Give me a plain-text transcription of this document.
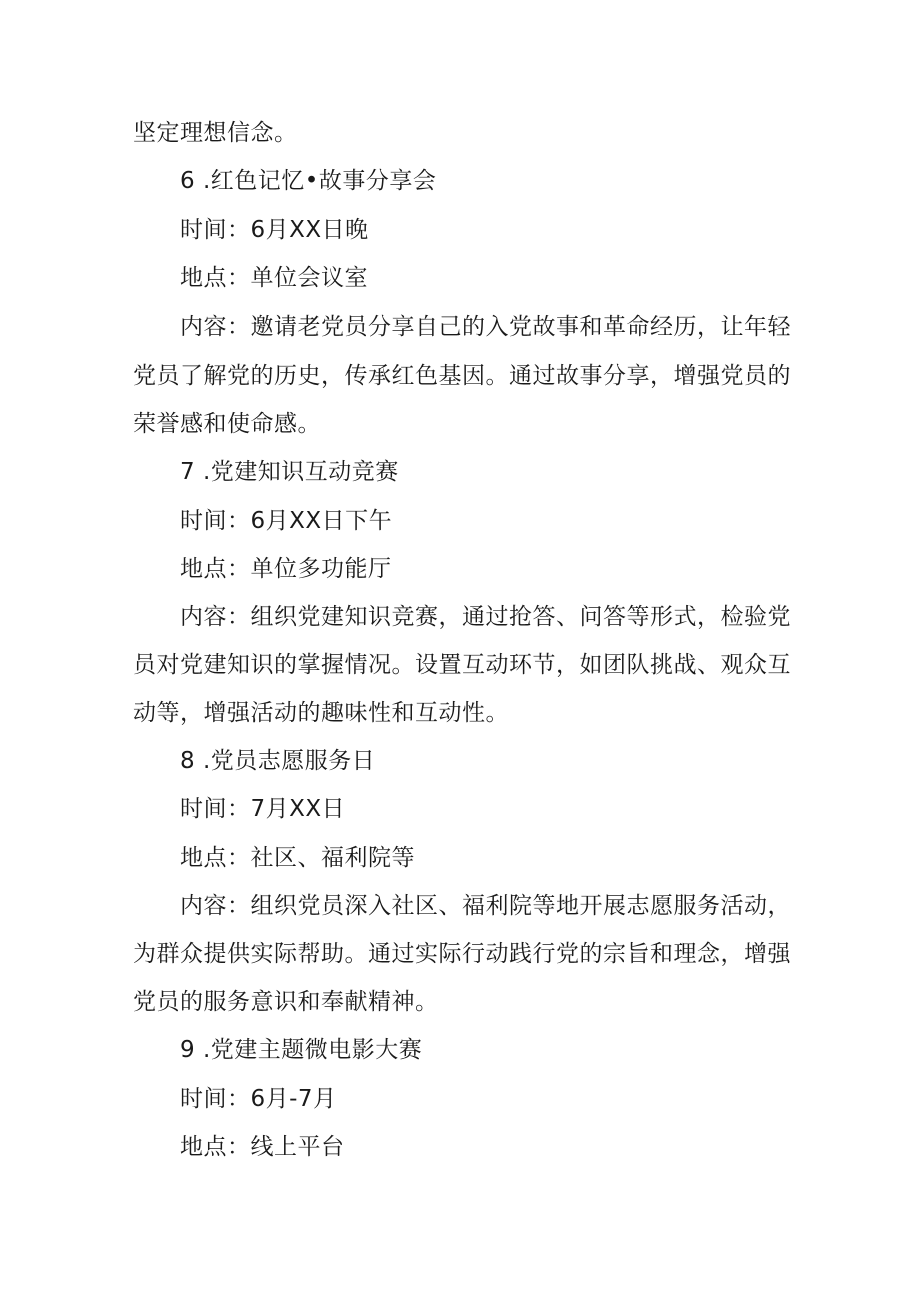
坚定理想信念。
6 .红色记忆•故事分享会
时间：6月XX日晚
地点：单位会议室
内容：邀请老党员分享自己的入党故事和革命经历，让年轻
党员了解党的历史，传承红色基因。通过故事分享，增强党员的
荣誉感和使命感。
7 .党建知识互动竞赛
时间：6月XX日下午
地点：单位多功能厅
内容：组织党建知识竞赛，通过抢答、问答等形式，检验党
员对党建知识的掌握情况。设置互动环节，如团队挑战、观众互
动等，增强活动的趣味性和互动性。
8 .党员志愿服务日
时间：7月XX日
地点：社区、福利院等
内容：组织党员深入社区、福利院等地开展志愿服务活动，
为群众提供实际帮助。通过实际行动践行党的宗旨和理念，增强
党员的服务意识和奉献精神。
9 .党建主题微电影大赛
时间：6月-7月
地点：线上平台
